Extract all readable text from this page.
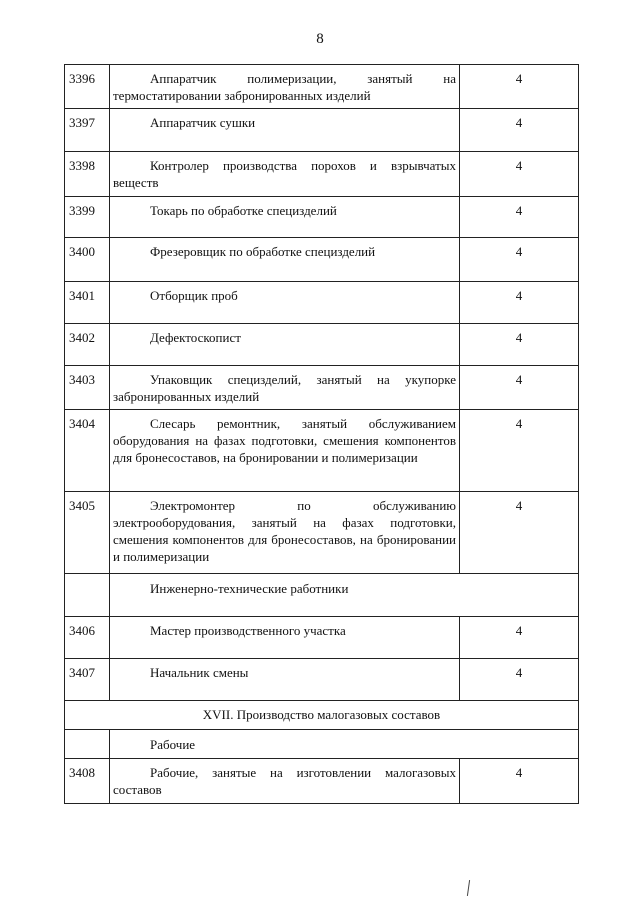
8
3396	Аппаратчик полимеризации, занятый на термостатировании забронированных изделий	4
3397	Аппаратчик сушки	4
3398	Контролер производства порохов и взрывчатых веществ	4
3399	Токарь по обработке специзделий	4
3400	Фрезеровщик по обработке специзделий	4
3401	Отборщик проб	4
3402	Дефектоскопист	4
3403	Упаковщик специзделий, занятый на укупорке забронированных изделий	4
3404	Слесарь ремонтник, занятый обслуживанием оборудования на фазах подготовки, смешения компонентов для бронесоставов, на бронировании и полимеризации	4
3405	Электромонтер по обслуживанию электрооборудования, занятый на фазах подготовки, смешения компонентов для бронесоставов, на бронировании и полимеризации	4
	Инженерно-технические работники	
3406	Мастер производственного участка	4
3407	Начальник смены	4
XVII. Производство малогазовых составов		
	Рабочие	
3408	Рабочие, занятые на изготовлении малогазовых составов	4
